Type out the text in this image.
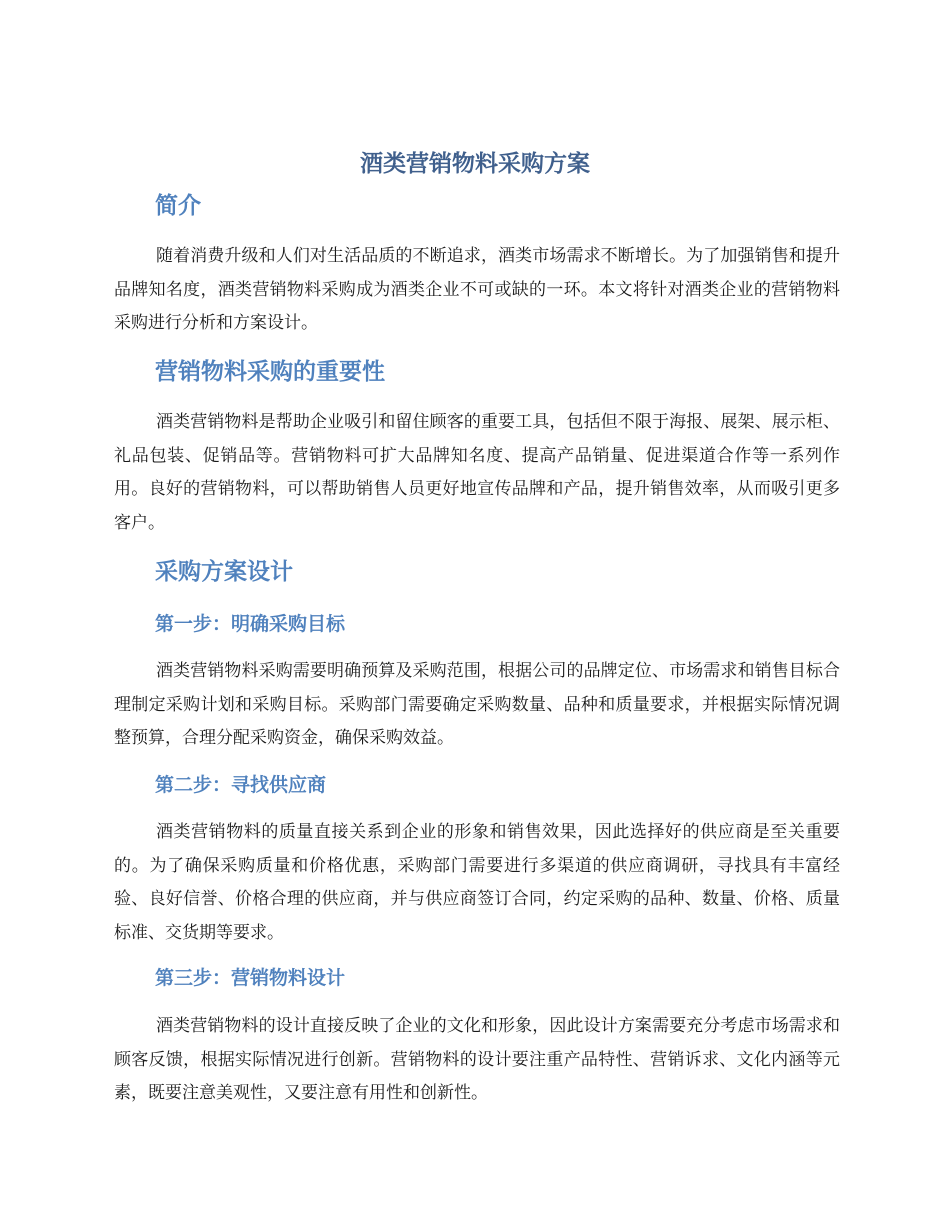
酒类营销物料采购方案
简介

随着消费升级和人们对生活品质的不断追求，酒类市场需求不断增长。为了加强销售和提升品牌知名度，酒类营销物料采购成为酒类企业不可或缺的一环。本文将针对酒类企业的营销物料采购进行分析和方案设计。

营销物料采购的重要性

酒类营销物料是帮助企业吸引和留住顾客的重要工具，包括但不限于海报、展架、展示柜、礼品包装、促销品等。营销物料可扩大品牌知名度、提高产品销量、促进渠道合作等一系列作用。良好的营销物料，可以帮助销售人员更好地宣传品牌和产品，提升销售效率，从而吸引更多客户。

采购方案设计
第一步：明确采购目标

酒类营销物料采购需要明确预算及采购范围，根据公司的品牌定位、市场需求和销售目标合理制定采购计划和采购目标。采购部门需要确定采购数量、品种和质量要求，并根据实际情况调整预算，合理分配采购资金，确保采购效益。

第二步：寻找供应商

酒类营销物料的质量直接关系到企业的形象和销售效果，因此选择好的供应商是至关重要的。为了确保采购质量和价格优惠，采购部门需要进行多渠道的供应商调研，寻找具有丰富经验、良好信誉、价格合理的供应商，并与供应商签订合同，约定采购的品种、数量、价格、质量标准、交货期等要求。

第三步：营销物料设计

酒类营销物料的设计直接反映了企业的文化和形象，因此设计方案需要充分考虑市场需求和顾客反馈，根据实际情况进行创新。营销物料的设计要注重产品特性、营销诉求、文化内涵等元素，既要注意美观性，又要注意有用性和创新性。
